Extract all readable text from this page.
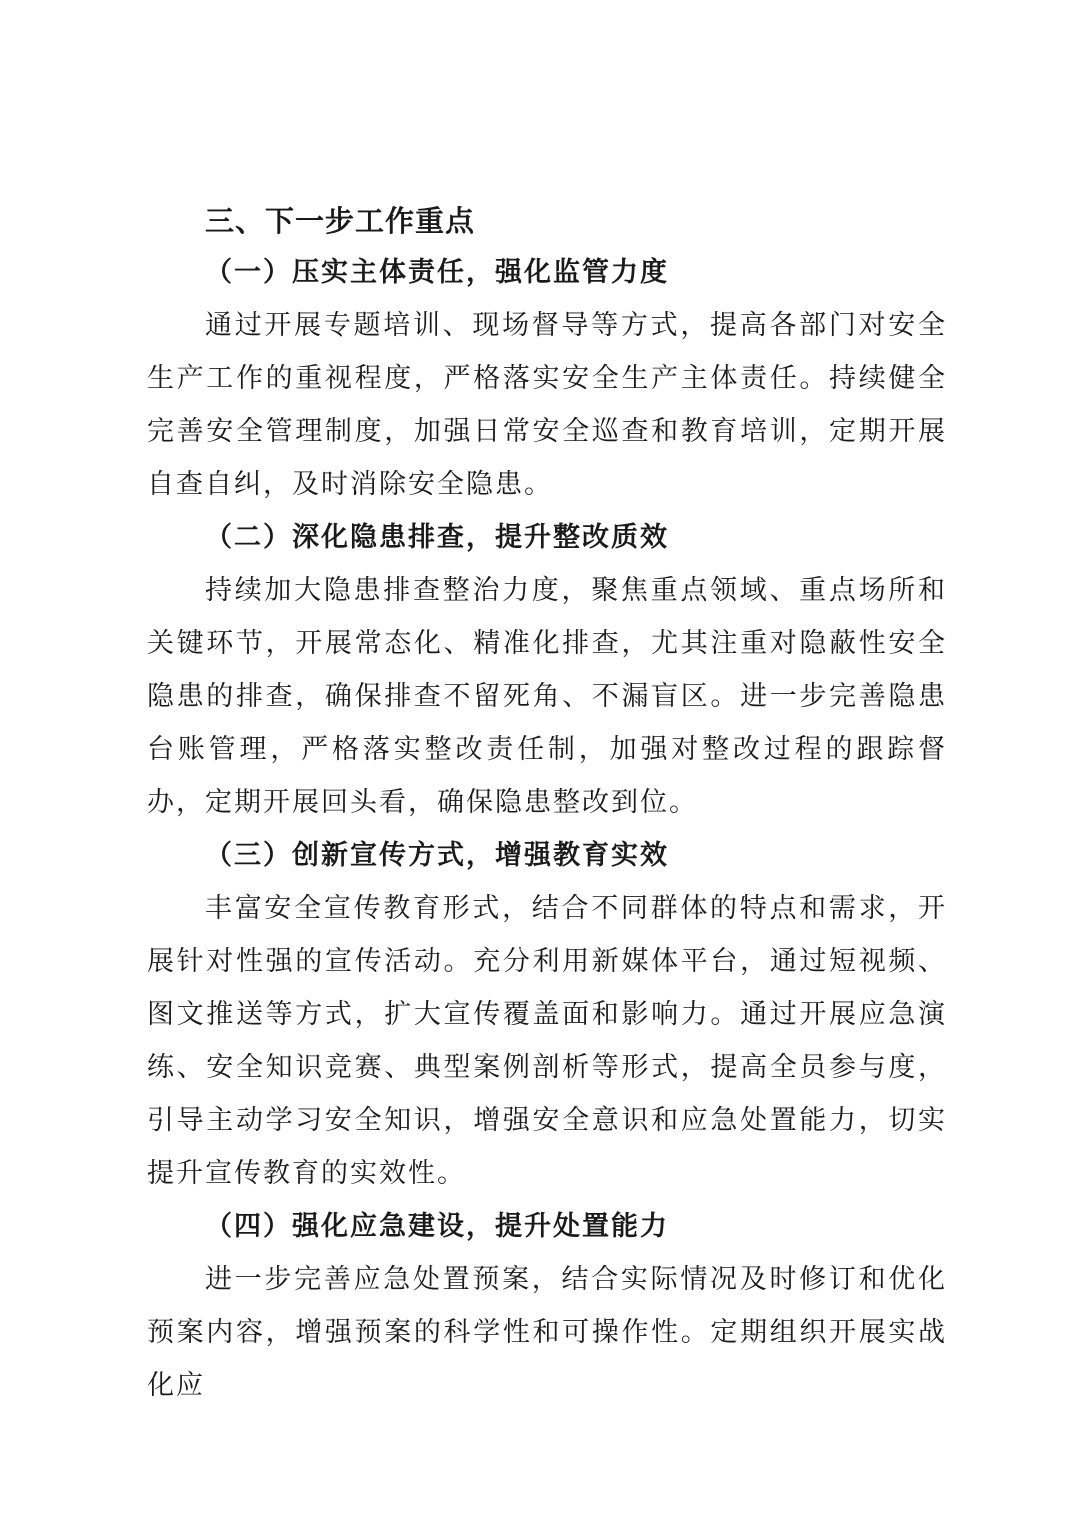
三、下一步工作重点
（一）压实主体责任，强化监管力度

通过开展专题培训、现场督导等方式，提高各部门对安全生产工作的重视程度，严格落实安全生产主体责任。持续健全完善安全管理制度，加强日常安全巡查和教育培训，定期开展自查自纠，及时消除安全隐患。

（二）深化隐患排查，提升整改质效

持续加大隐患排查整治力度，聚焦重点领域、重点场所和关键环节，开展常态化、精准化排查，尤其注重对隐蔽性安全隐患的排查，确保排查不留死角、不漏盲区。进一步完善隐患台账管理，严格落实整改责任制，加强对整改过程的跟踪督办，定期开展回头看，确保隐患整改到位。

（三）创新宣传方式，增强教育实效

丰富安全宣传教育形式，结合不同群体的特点和需求，开展针对性强的宣传活动。充分利用新媒体平台，通过短视频、图文推送等方式，扩大宣传覆盖面和影响力。通过开展应急演练、安全知识竞赛、典型案例剖析等形式，提高全员参与度，引导主动学习安全知识，增强安全意识和应急处置能力，切实提升宣传教育的实效性。

（四）强化应急建设，提升处置能力

进一步完善应急处置预案，结合实际情况及时修订和优化预案内容，增强预案的科学性和可操作性。定期组织开展实战化应
